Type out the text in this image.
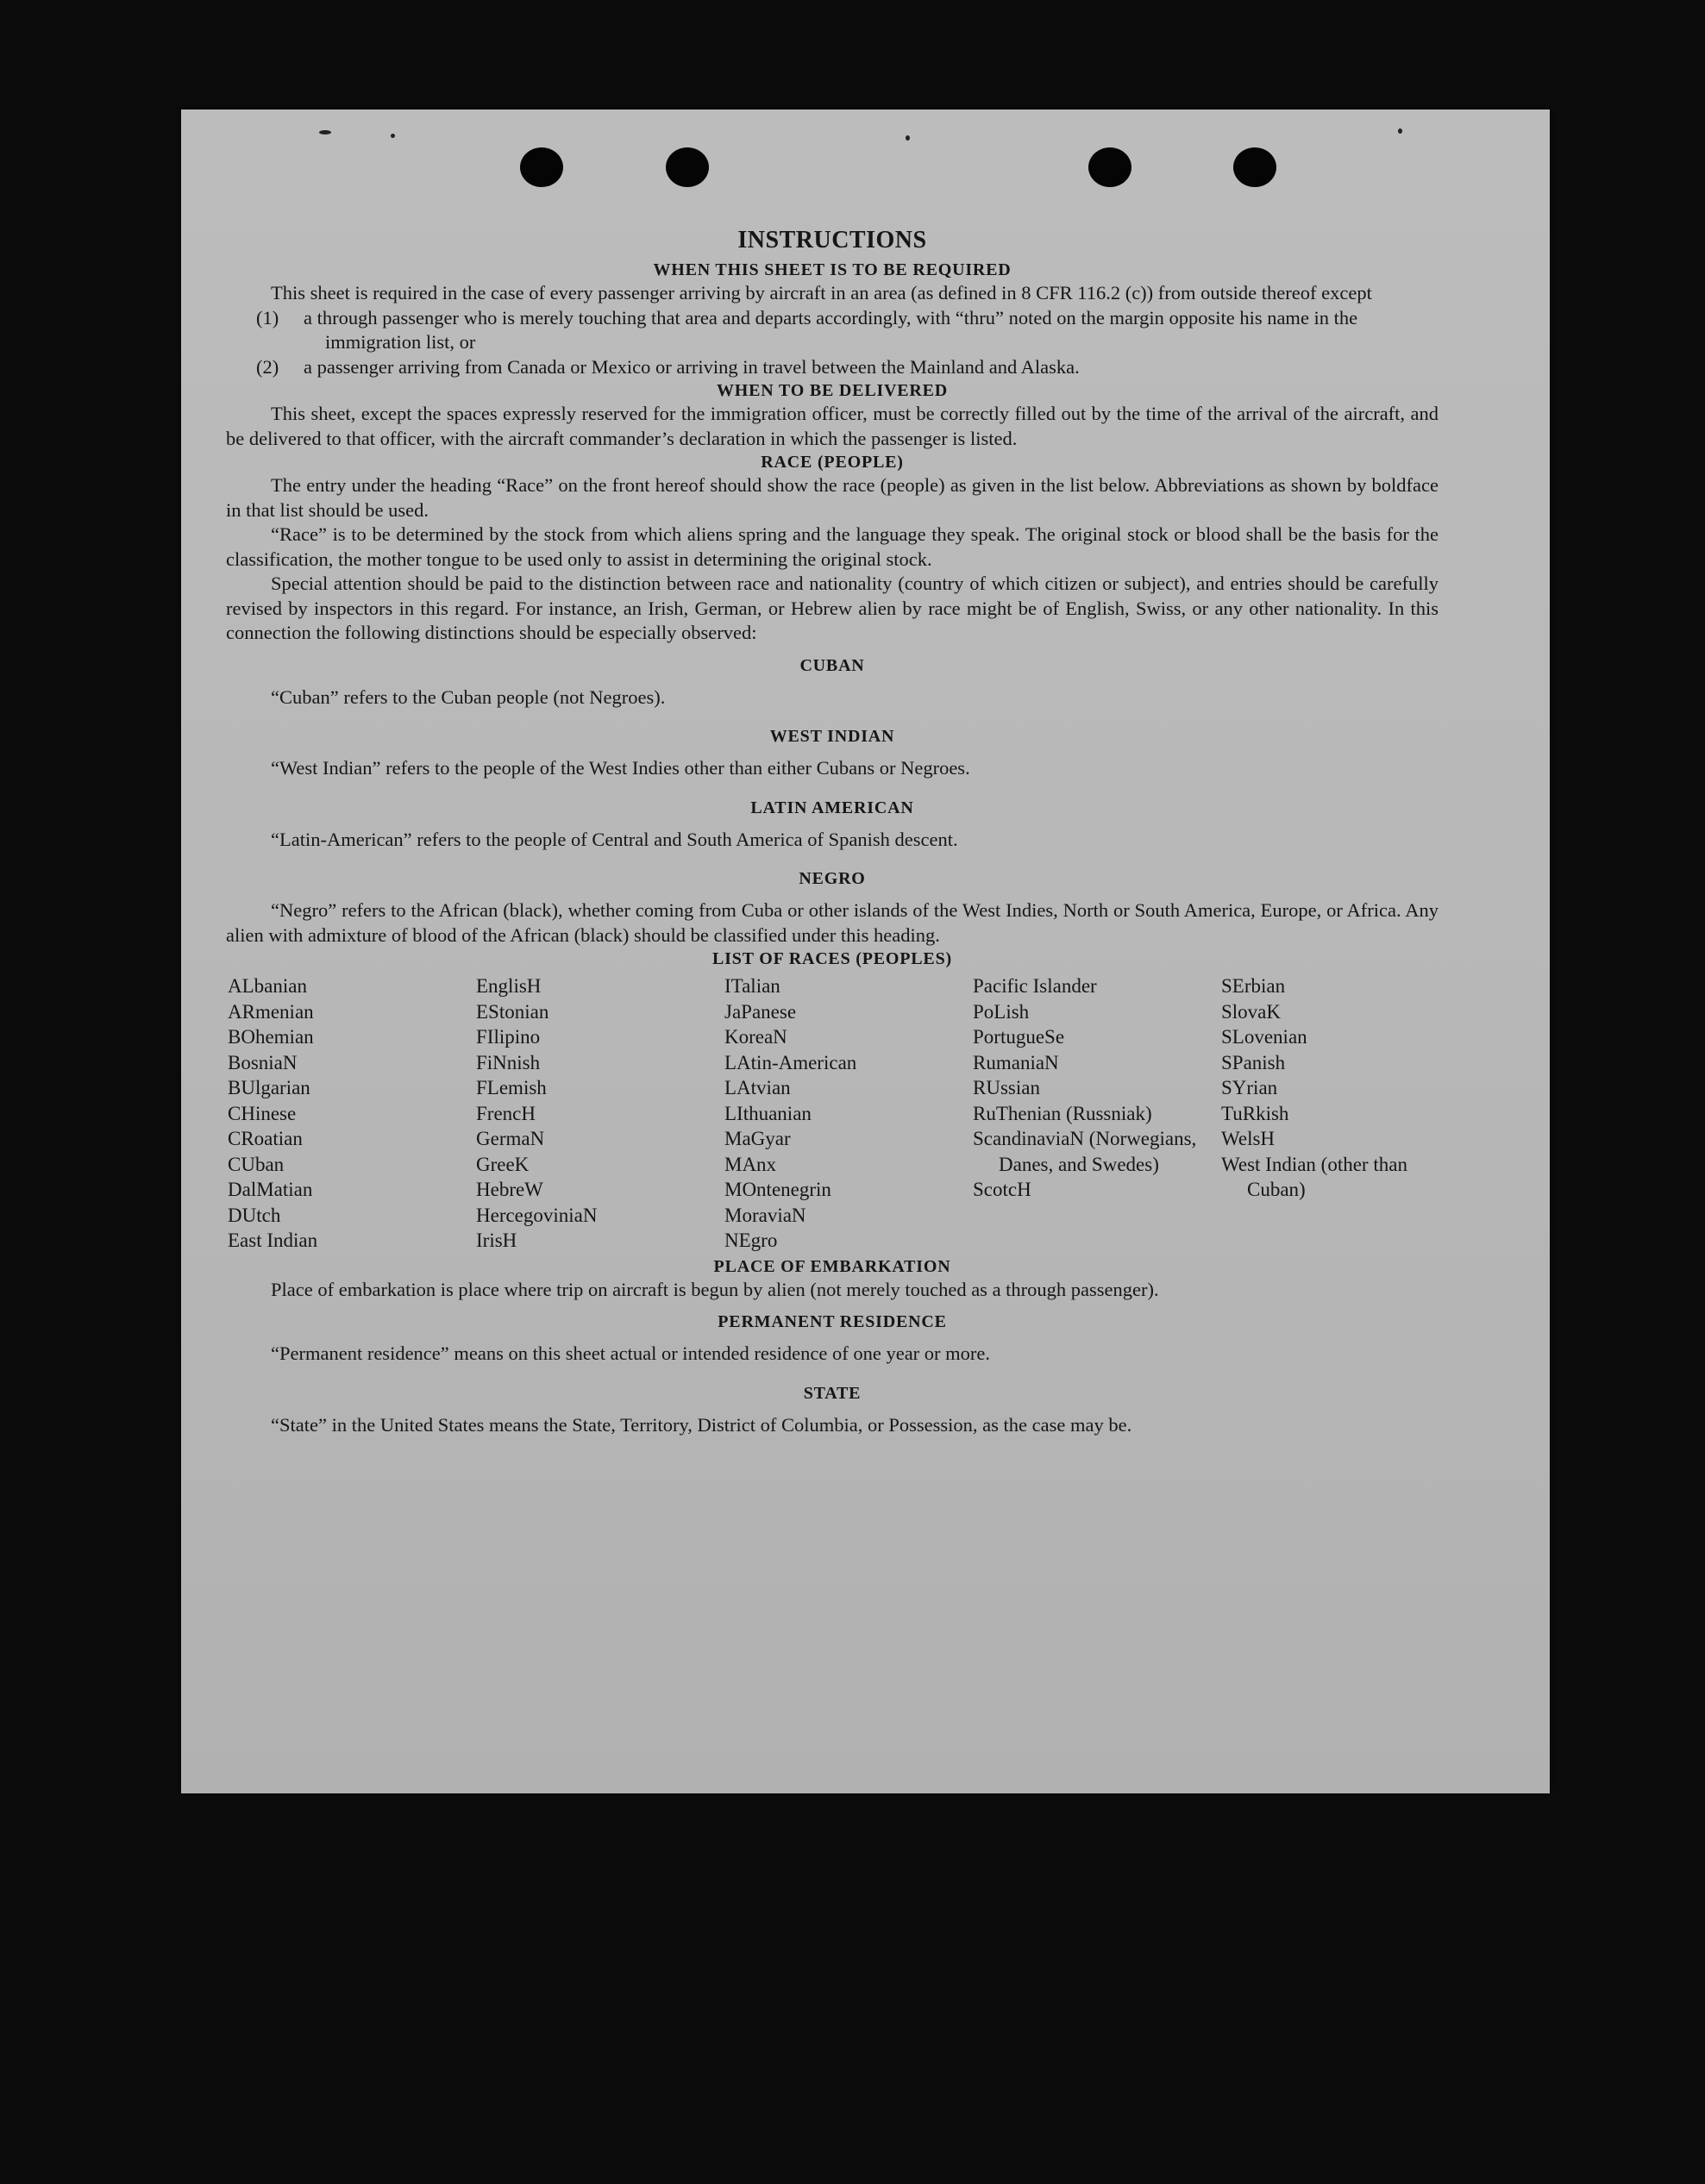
INSTRUCTIONS
WHEN THIS SHEET IS TO BE REQUIRED

This sheet is required in the case of every passenger arriving by aircraft in an area (as defined in 8 CFR 116.2 (c)) from outside thereof except

(1) a through passenger who is merely touching that area and departs accordingly, with “thru” noted on the margin opposite his name in the immigration list, or

(2) a passenger arriving from Canada or Mexico or arriving in travel between the Mainland and Alaska.

WHEN TO BE DELIVERED

This sheet, except the spaces expressly reserved for the immigration officer, must be correctly filled out by the time of the arrival of the aircraft, and be delivered to that officer, with the aircraft commander’s declaration in which the passenger is listed.

RACE (PEOPLE)

The entry under the heading “Race” on the front hereof should show the race (people) as given in the list below. Abbreviations as shown by boldface in that list should be used.

“Race” is to be determined by the stock from which aliens spring and the language they speak. The original stock or blood shall be the basis for the classification, the mother tongue to be used only to assist in determining the original stock.

Special attention should be paid to the distinction between race and nationality (country of which citizen or subject), and entries should be carefully revised by inspectors in this regard. For instance, an Irish, German, or Hebrew alien by race might be of English, Swiss, or any other nationality. In this connection the following distinctions should be especially observed:

CUBAN

“Cuban” refers to the Cuban people (not Negroes).

WEST INDIAN

“West Indian” refers to the people of the West Indies other than either Cubans or Negroes.

LATIN AMERICAN

“Latin-American” refers to the people of Central and South America of Spanish descent.

NEGRO

“Negro” refers to the African (black), whether coming from Cuba or other islands of the West Indies, North or South America, Europe, or Africa. Any alien with admixture of blood of the African (black) should be classified under this heading.

LIST OF RACES (PEOPLES)
ALbanian
ARmenian
BOhemian
BosniaN
BUlgarian
CHinese
CRoatian
CUban
DalMatian
DUtch
East Indian
EnglisH
EStonian
FIlipino
FiNnish
FLemish
FrencH
GermaN
GreeK
HebreW
HercegoviniaN
IrisH
ITalian
JaPanese
KoreaN
LAtin-American
LAtvian
LIthuanian
MaGyar
MAnx
MOntenegrin
MoraviaN
NEgro
Pacific Islander
PoLish
PortugueSe
RumaniaN
RUssian
RuThenian (Russniak)
ScandinaviaN (Norwegians, Danes, and Swedes)
ScotcH
SErbian
SlovaK
SLovenian
SPanish
SYrian
TuRkish
WelsH
West Indian (other than Cuban)
PLACE OF EMBARKATION

Place of embarkation is place where trip on aircraft is begun by alien (not merely touched as a through passenger).

PERMANENT RESIDENCE

“Permanent residence” means on this sheet actual or intended residence of one year or more.

STATE

“State” in the United States means the State, Territory, District of Columbia, or Possession, as the case may be.
